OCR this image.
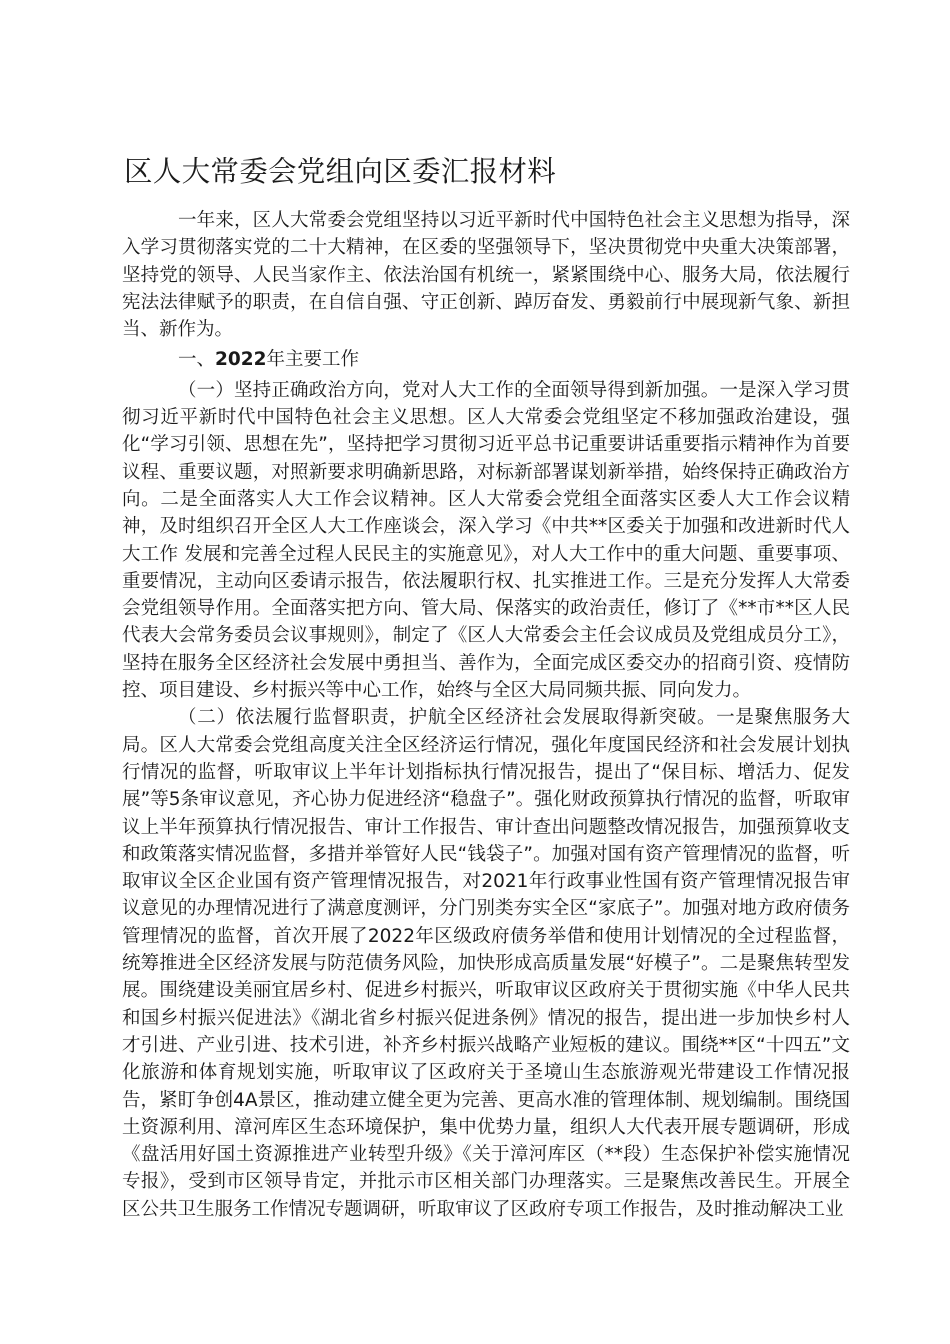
区人大常委会党组向区委汇报材料

一年来，区人大常委会党组坚持以习近平新时代中国特色社会主义思想为指导，深入学习贯彻落实党的二十大精神，在区委的坚强领导下，坚决贯彻党中央重大决策部署，坚持党的领导、人民当家作主、依法治国有机统一，紧紧围绕中心、服务大局，依法履行宪法法律赋予的职责，在自信自强、守正创新、踔厉奋发、勇毅前行中展现新气象、新担当、新作为。

一、2022年主要工作

（一）坚持正确政治方向，党对人大工作的全面领导得到新加强。一是深入学习贯彻习近平新时代中国特色社会主义思想。区人大常委会党组坚定不移加强政治建设，强化“学习引领、思想在先”，坚持把学习贯彻习近平总书记重要讲话重要指示精神作为首要议程、重要议题，对照新要求明确新思路，对标新部署谋划新举措，始终保持正确政治方向。二是全面落实人大工作会议精神。区人大常委会党组全面落实区委人大工作会议精神，及时组织召开全区人大工作座谈会，深入学习《中共**区委关于加强和改进新时代人大工作 发展和完善全过程人民民主的实施意见》，对人大工作中的重大问题、重要事项、重要情况，主动向区委请示报告，依法履职行权、扎实推进工作。三是充分发挥人大常委会党组领导作用。全面落实把方向、管大局、保落实的政治责任，修订了《**市**区人民代表大会常务委员会议事规则》，制定了《区人大常委会主任会议成员及党组成员分工》，坚持在服务全区经济社会发展中勇担当、善作为，全面完成区委交办的招商引资、疫情防控、项目建设、乡村振兴等中心工作，始终与全区大局同频共振、同向发力。

（二）依法履行监督职责，护航全区经济社会发展取得新突破。一是聚焦服务大局。区人大常委会党组高度关注全区经济运行情况，强化年度国民经济和社会发展计划执行情况的监督，听取审议上半年计划指标执行情况报告，提出了“保目标、增活力、促发展”等5条审议意见，齐心协力促进经济“稳盘子”。强化财政预算执行情况的监督，听取审议上半年预算执行情况报告、审计工作报告、审计查出问题整改情况报告，加强预算收支和政策落实情况监督，多措并举管好人民“钱袋子”。加强对国有资产管理情况的监督，听取审议全区企业国有资产管理情况报告，对2021年行政事业性国有资产管理情况报告审议意见的办理情况进行了满意度测评，分门别类夯实全区“家底子”。加强对地方政府债务管理情况的监督，首次开展了2022年区级政府债务举借和使用计划情况的全过程监督，统筹推进全区经济发展与防范债务风险，加快形成高质量发展“好模子”。二是聚焦转型发展。围绕建设美丽宜居乡村、促进乡村振兴，听取审议区政府关于贯彻实施《中华人民共和国乡村振兴促进法》《湖北省乡村振兴促进条例》情况的报告，提出进一步加快乡村人才引进、产业引进、技术引进，补齐乡村振兴战略产业短板的建议。围绕**区“十四五”文化旅游和体育规划实施，听取审议了区政府关于圣境山生态旅游观光带建设工作情况报告，紧盯争创4A景区，推动建立健全更为完善、更高水准的管理体制、规划编制。围绕国土资源利用、漳河库区生态环境保护，集中优势力量，组织人大代表开展专题调研，形成《盘活用好国土资源推进产业转型升级》《关于漳河库区（**段）生态保护补偿实施情况专报》，受到市区领导肯定，并批示市区相关部门办理落实。三是聚焦改善民生。开展全区公共卫生服务工作情况专题调研，听取审议了区政府专项工作报告，及时推动解决工业
